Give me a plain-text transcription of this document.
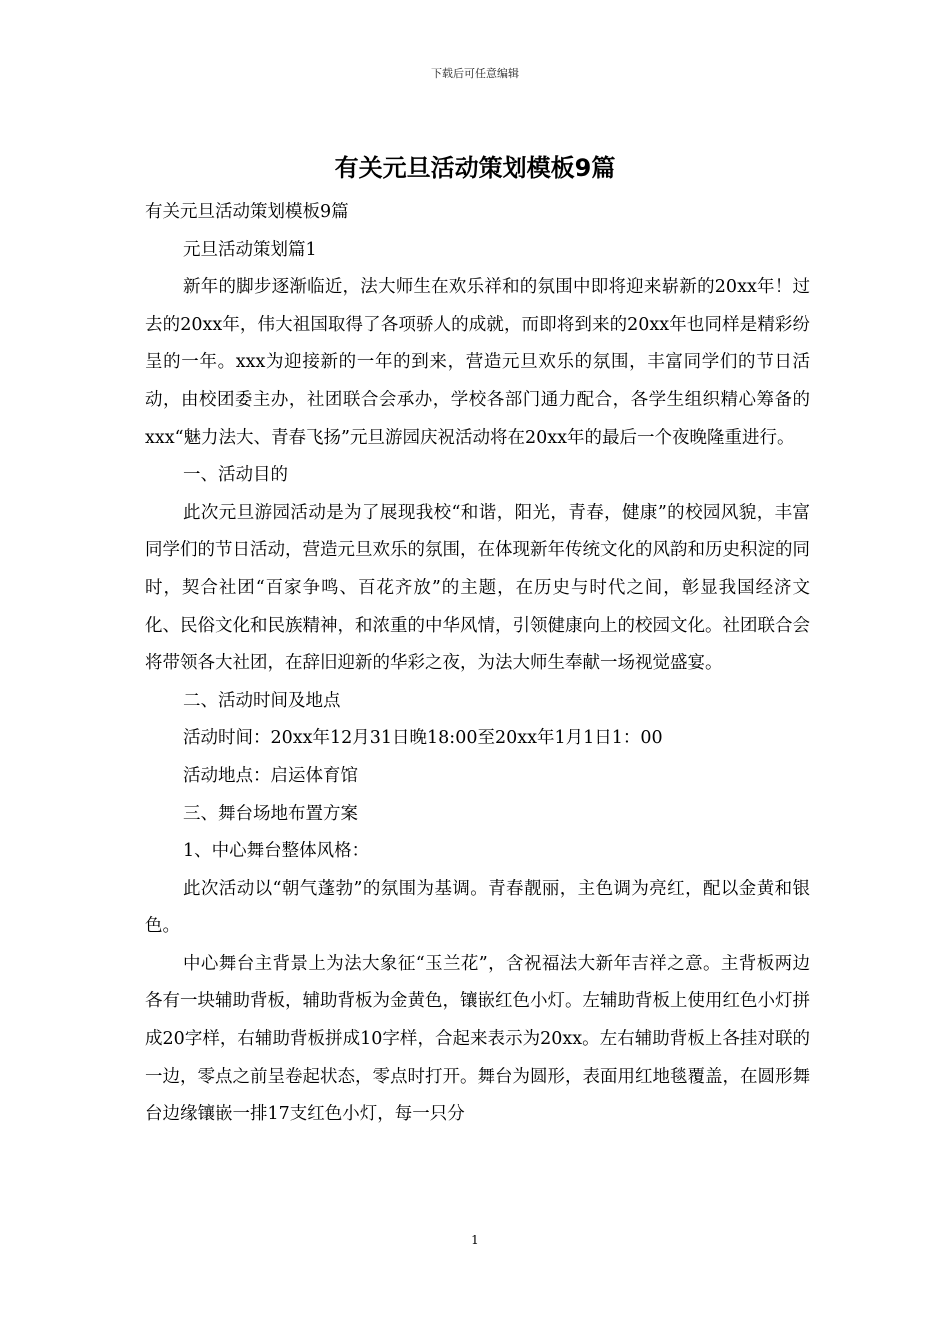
下载后可任意编辑
有关元旦活动策划模板9篇

有关元旦活动策划模板9篇

元旦活动策划篇1

新年的脚步逐渐临近，法大师生在欢乐祥和的氛围中即将迎来崭新的20xx年！过去的20xx年，伟大祖国取得了各项骄人的成就，而即将到来的20xx年也同样是精彩纷呈的一年。xxx为迎接新的一年的到来，营造元旦欢乐的氛围，丰富同学们的节日活动，由校团委主办，社团联合会承办，学校各部门通力配合，各学生组织精心筹备的xxx“魅力法大、青春飞扬”元旦游园庆祝活动将在20xx年的最后一个夜晚隆重进行。

一、活动目的

此次元旦游园活动是为了展现我校“和谐，阳光，青春，健康”的校园风貌，丰富同学们的节日活动，营造元旦欢乐的氛围，在体现新年传统文化的风韵和历史积淀的同时，契合社团“百家争鸣、百花齐放”的主题，在历史与时代之间，彰显我国经济文化、民俗文化和民族精神，和浓重的中华风情，引领健康向上的校园文化。社团联合会将带领各大社团，在辞旧迎新的华彩之夜，为法大师生奉献一场视觉盛宴。

二、活动时间及地点

活动时间：20xx年12月31日晚18:00至20xx年1月1日1：00

活动地点：启运体育馆

三、舞台场地布置方案

1、中心舞台整体风格：

此次活动以“朝气蓬勃”的氛围为基调。青春靓丽，主色调为亮红，配以金黄和银色。

中心舞台主背景上为法大象征“玉兰花”，含祝福法大新年吉祥之意。主背板两边各有一块辅助背板，辅助背板为金黄色，镶嵌红色小灯。左辅助背板上使用红色小灯拼成20字样，右辅助背板拼成10字样，合起来表示为20xx。左右辅助背板上各挂对联的一边，零点之前呈卷起状态，零点时打开。舞台为圆形，表面用红地毯覆盖，在圆形舞台边缘镶嵌一排17支红色小灯，每一只分

1
